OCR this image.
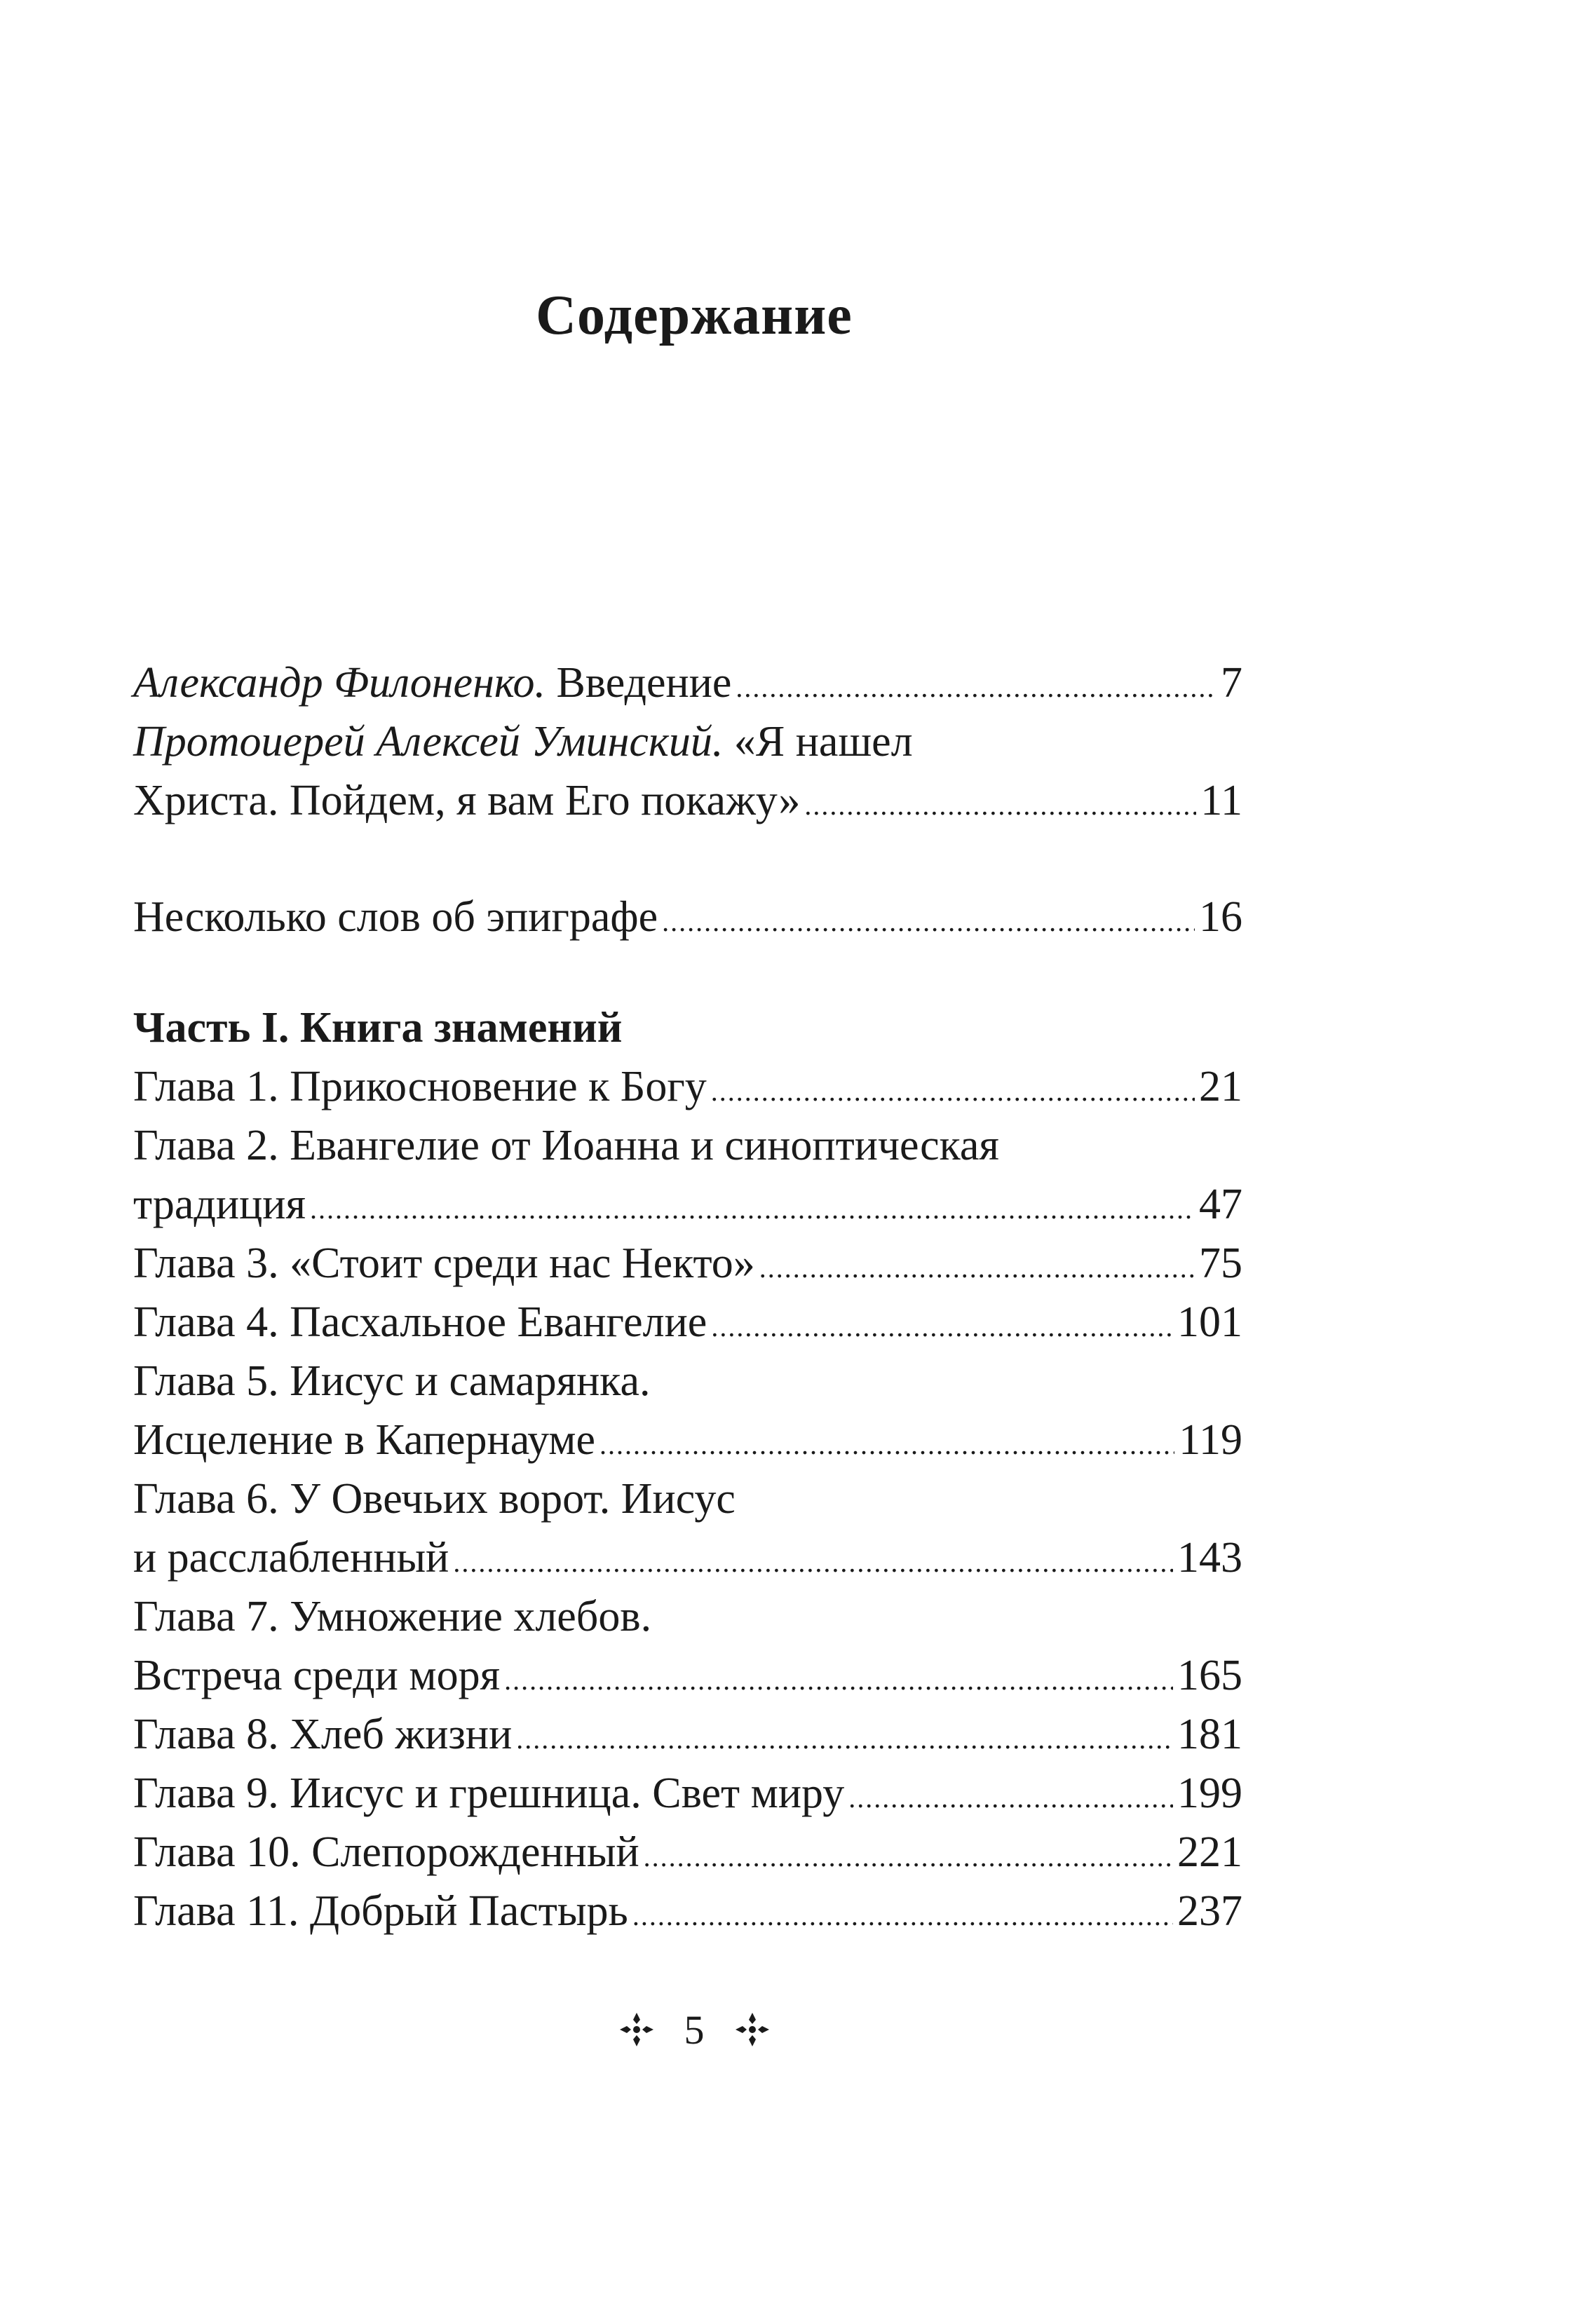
Содержание
Александр Филоненко. Введение .....	7
Протоиерей Алексей Уминский. «Я нашел
Христа. Пойдем, я вам Его покажу» .....	11
Несколько слов об эпиграфе .....	16
Часть I. Книга знамений
Глава 1. Прикосновение к Богу .....	21
Глава 2. Евангелие от Иоанна и синоптическая
традиция .....	47
Глава 3. «Стоит среди нас Некто» .....	75
Глава 4. Пасхальное Евангелие .....	101
Глава 5. Иисус и самарянка.
Исцеление в Капернауме .....	119
Глава 6. У Овечьих ворот. Иисус
и расслабленный .....	143
Глава 7. Умножение хлебов.
Встреча среди моря .....	165
Глава 8. Хлеб жизни .....	181
Глава 9. Иисус и грешница. Свет миру .....	199
Глава 10. Слепорожденный .....	221
Глава 11. Добрый Пастырь .....	237
5
